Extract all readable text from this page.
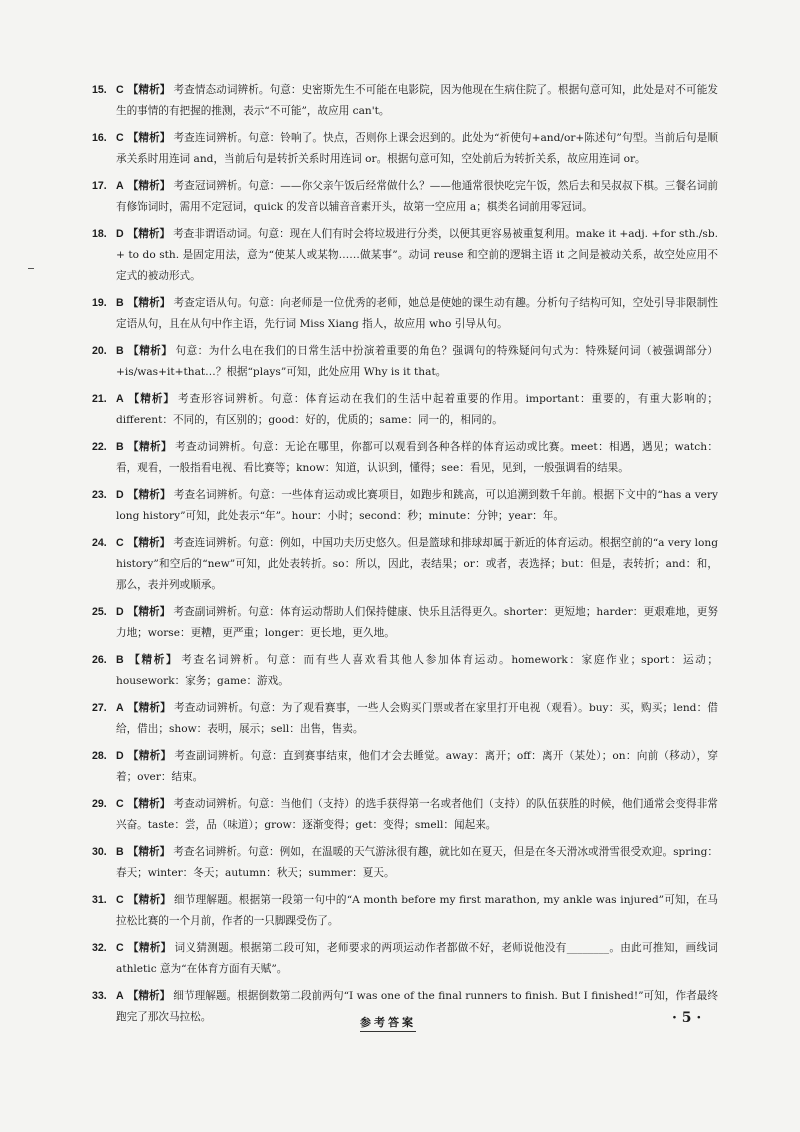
15. C 【精析】 考查情态动词辨析。句意：史密斯先生不可能在电影院，因为他现在生病住院了。根据句意可知，此处是对不可能发生的事情的有把握的推测，表示“不可能”，故应用 can't。
16. C 【精析】 考查连词辨析。句意：铃响了。快点，否则你上课会迟到的。此处为“祈使句+and/or+陈述句”句型。当前后句是顺承关系时用连词 and，当前后句是转折关系时用连词 or。根据句意可知，空处前后为转折关系，故应用连词 or。
17. A 【精析】 考查冠词辨析。句意：——你父亲午饭后经常做什么？——他通常很快吃完午饭，然后去和吴叔叔下棋。三餐名词前有修饰词时，需用不定冠词，quick 的发音以辅音音素开头，故第一空应用 a；棋类名词前用零冠词。
18. D 【精析】 考查非谓语动词。句意：现在人们有时会将垃圾进行分类，以便其更容易被重复利用。make it +adj. +for sth./sb. + to do sth. 是固定用法，意为“使某人或某物……做某事”。动词 reuse 和空前的逻辑主语 it 之间是被动关系，故空处应用不定式的被动形式。
19. B 【精析】 考查定语从句。句意：向老师是一位优秀的老师，她总是使她的课生动有趣。分析句子结构可知，空处引导非限制性定语从句，且在从句中作主语，先行词 Miss Xiang 指人，故应用 who 引导从句。
20. B 【精析】 句意：为什么电在我们的日常生活中扮演着重要的角色？强调句的特殊疑问句式为：特殊疑问词（被强调部分）+is/was+it+that…？根据“plays”可知，此处应用 Why is it that。
21. A 【精析】 考查形容词辨析。句意：体育运动在我们的生活中起着重要的作用。important：重要的，有重大影响的；different：不同的，有区别的；good：好的，优质的；same：同一的，相同的。
22. B 【精析】 考查动词辨析。句意：无论在哪里，你都可以观看到各种各样的体育运动或比赛。meet：相遇，遇见；watch：看，观看，一般指看电视、看比赛等；know：知道，认识到，懂得；see：看见，见到，一般强调看的结果。
23. D 【精析】 考查名词辨析。句意：一些体育运动或比赛项目，如跑步和跳高，可以追溯到数千年前。根据下文中的“has a very long history”可知，此处表示“年”。hour：小时；second：秒；minute：分钟；year：年。
24. C 【精析】 考查连词辨析。句意：例如，中国功夫历史悠久。但是篮球和排球却属于新近的体育运动。根据空前的“a very long history”和空后的“new”可知，此处表转折。so：所以，因此，表结果；or：或者，表选择；but：但是，表转折；and：和，那么，表并列或顺承。
25. D 【精析】 考查副词辨析。句意：体育运动帮助人们保持健康、快乐且活得更久。shorter：更短地；harder：更艰难地，更努力地；worse：更糟，更严重；longer：更长地，更久地。
26. B 【精析】 考查名词辨析。句意：而有些人喜欢看其他人参加体育运动。homework：家庭作业；sport：运动；housework：家务；game：游戏。
27. A 【精析】 考查动词辨析。句意：为了观看赛事，一些人会购买门票或者在家里打开电视（观看）。buy：买，购买；lend：借给，借出；show：表明，展示；sell：出售，售卖。
28. D 【精析】 考查副词辨析。句意：直到赛事结束，他们才会去睡觉。away：离开；off：离开（某处）；on：向前（移动），穿着；over：结束。
29. C 【精析】 考查动词辨析。句意：当他们（支持）的选手获得第一名或者他们（支持）的队伍获胜的时候，他们通常会变得非常兴奋。taste：尝，品（味道）；grow：逐渐变得；get：变得；smell：闻起来。
30. B 【精析】 考查名词辨析。句意：例如，在温暖的天气游泳很有趣，就比如在夏天，但是在冬天滑冰或滑雪很受欢迎。spring：春天；winter：冬天；autumn：秋天；summer：夏天。
31. C 【精析】 细节理解题。根据第一段第一句中的“A month before my first marathon, my ankle was injured”可知，在马拉松比赛的一个月前，作者的一只脚踝受伤了。
32. C 【精析】 词义猜测题。根据第二段可知，老师要求的两项运动作者都做不好，老师说他没有________。由此可推知，画线词 athletic 意为“在体育方面有天赋”。
33. A 【精析】 细节理解题。根据倒数第二段前两句“I was one of the final runners to finish. But I finished!”可知，作者最终跑完了那次马拉松。	参考答案	· 5 ·
